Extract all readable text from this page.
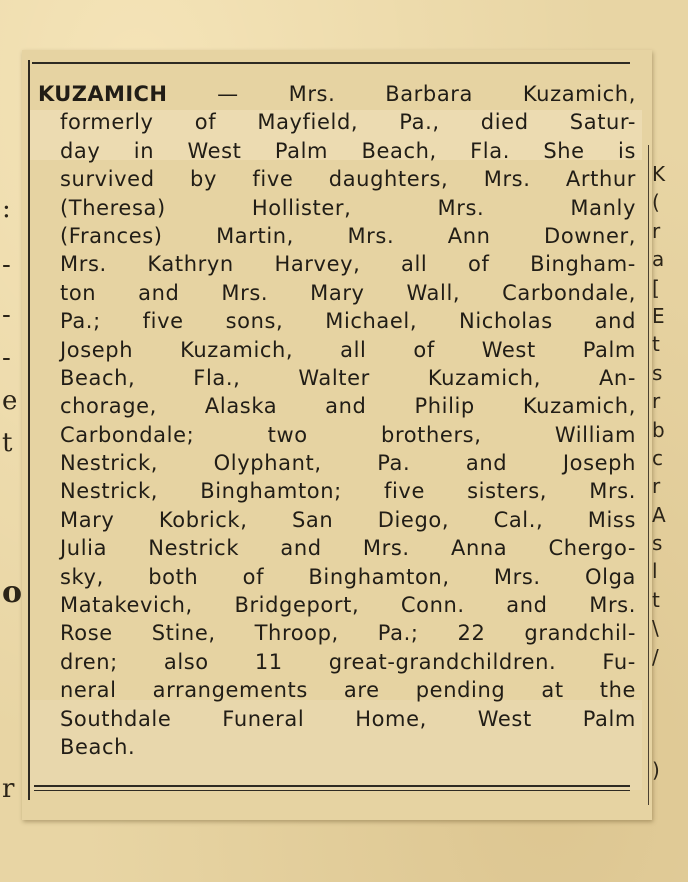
:
-
-
-
e
t
o
r
K
(
r
a
[
E
t
s
r
b
c
r
A
s
l
t
\
/
)
KUZAMICH — Mrs. Barbara Kuzamich,
formerly of Mayfield, Pa., died Satur-
day in West Palm Beach, Fla. She is
survived by five daughters, Mrs. Arthur
(Theresa) Hollister, Mrs. Manly
(Frances) Martin, Mrs. Ann Downer,
Mrs. Kathryn Harvey, all of Bingham-
ton and Mrs. Mary Wall, Carbondale,
Pa.; five sons, Michael, Nicholas and
Joseph Kuzamich, all of West Palm
Beach, Fla., Walter Kuzamich, An-
chorage, Alaska and Philip Kuzamich,
Carbondale; two brothers, William
Nestrick, Olyphant, Pa. and Joseph
Nestrick, Binghamton; five sisters, Mrs.
Mary Kobrick, San Diego, Cal., Miss
Julia Nestrick and Mrs. Anna Chergo-
sky, both of Binghamton, Mrs. Olga
Matakevich, Bridgeport, Conn. and Mrs.
Rose Stine, Throop, Pa.; 22 grandchil-
dren; also 11 great-grandchildren. Fu-
neral arrangements are pending at the
Southdale Funeral Home, West Palm
Beach.
